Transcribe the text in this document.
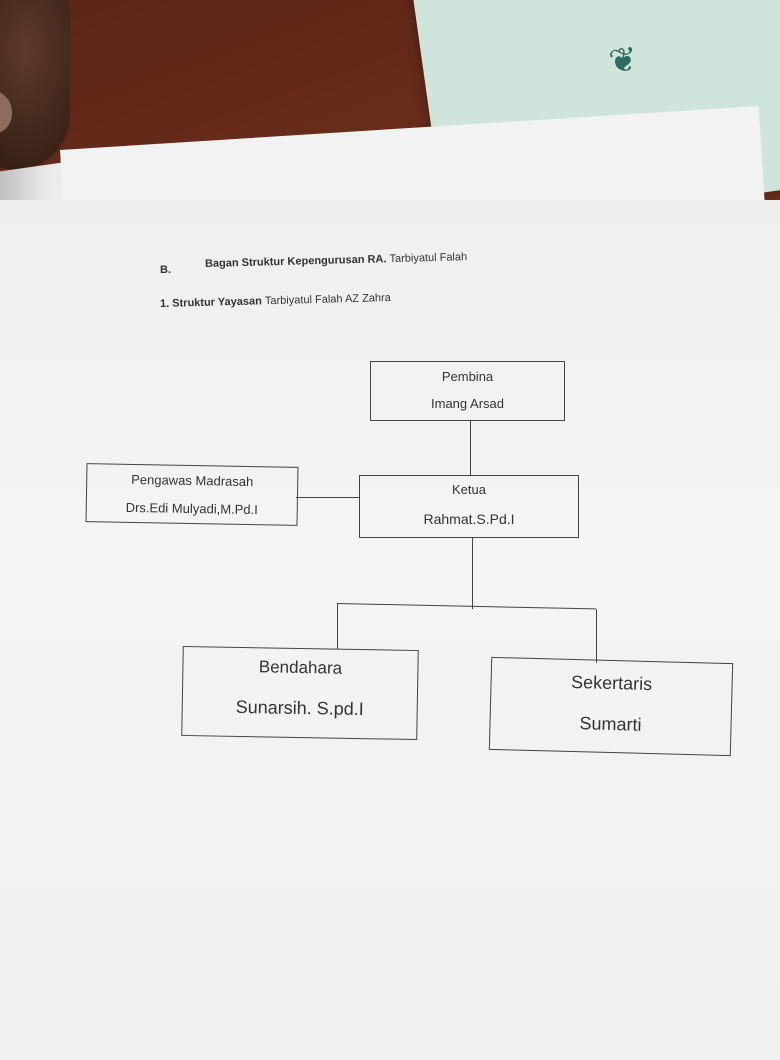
❦
B.
Bagan Struktur Kepengurusan RA. Tarbiyatul Falah
1. Struktur Yayasan Tarbiyatul Falah AZ Zahra
Pembina
Imang Arsad
Pengawas Madrasah
Drs.Edi Mulyadi,M.Pd.I
Ketua
Rahmat.S.Pd.I
Bendahara
Sunarsih. S.pd.I
Sekertaris
Sumarti
